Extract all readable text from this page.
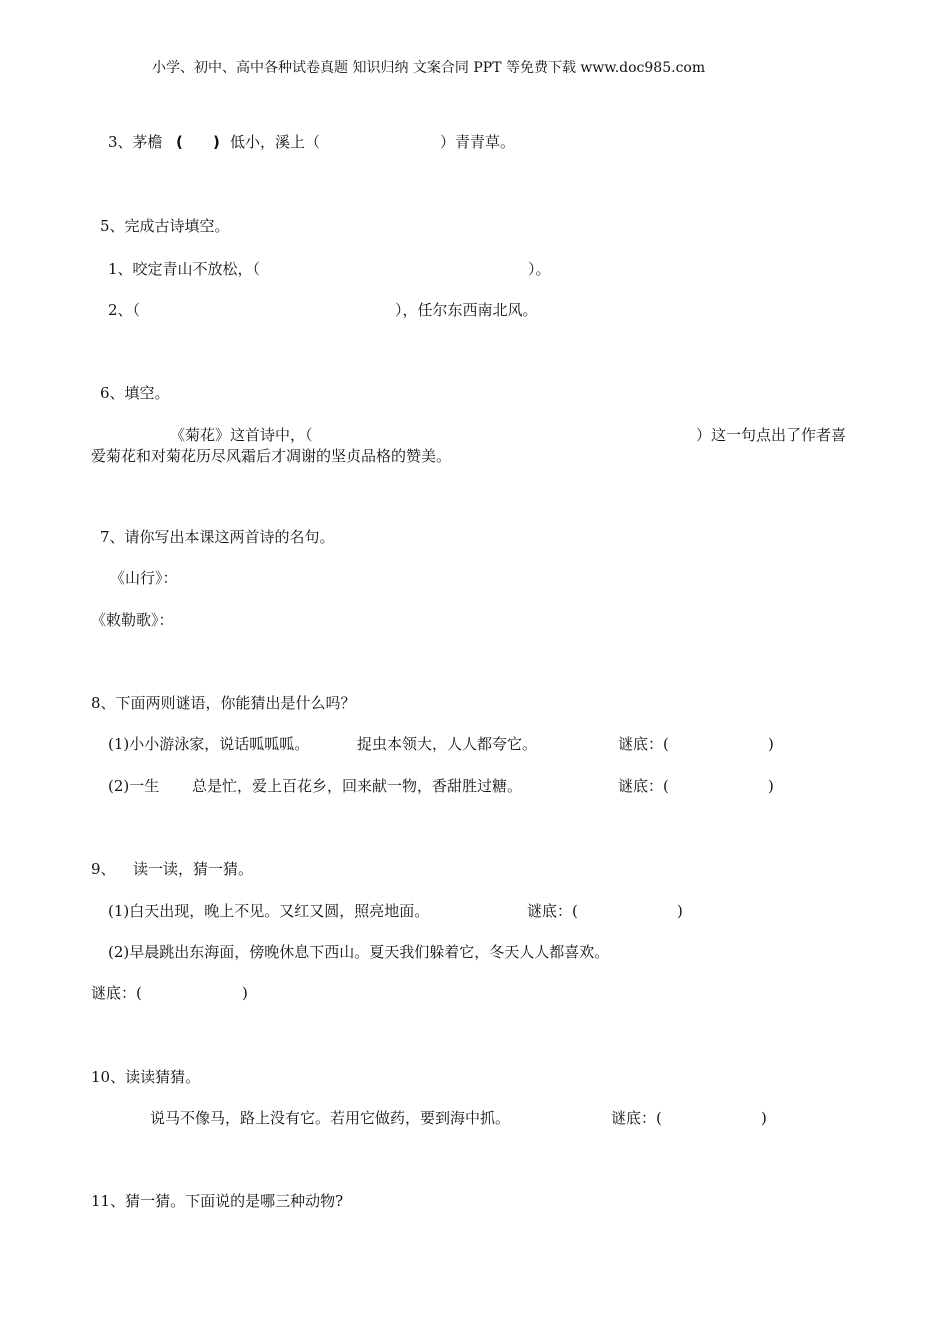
小学、初中、高中各种试卷真题 知识归纳 文案合同 PPT 等免费下载 www.doc985.com
3、茅檐 ( ) 低小，溪上（	）青青草。
5、完成古诗填空。
1、咬定青山不放松，（	）。
2、（	），任尔东西南北风。
6、填空。
《菊花》这首诗中，（	）这一句点出了作者喜
爱菊花和对菊花历尽风霜后才凋谢的坚贞品格的赞美。
7、请你写出本课这两首诗的名句。
《山行》：
《敕勒歌》：
8、下面两则谜语，你能猜出是什么吗？
(1)小小游泳家，说话呱呱呱。	捉虫本领大，人人都夸它。	谜底：(	)
(2)一生 总是忙，爱上百花乡，回来献一物，香甜胜过糖。	谜底：(	)
9、 读一读，猜一猜。
(1)白天出现，晚上不见。又红又圆，照亮地面。	谜底：(	)
(2)早晨跳出东海面，傍晚休息下西山。夏天我们躲着它，冬天人人都喜欢。
谜底：(	)
10、读读猜猜。
说马不像马，路上没有它。若用它做药，要到海中抓。	谜底：(	)
11、猜一猜。下面说的是哪三种动物?
